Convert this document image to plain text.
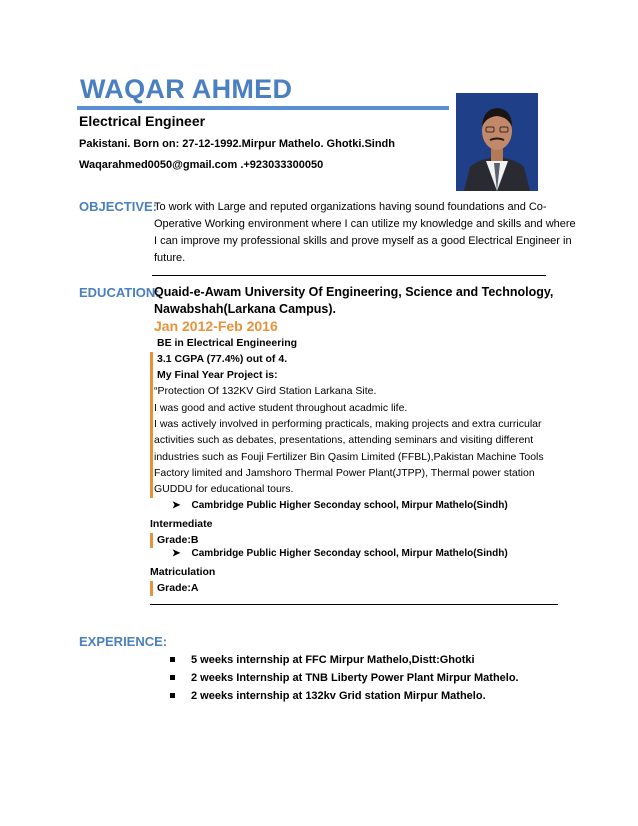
WAQAR AHMED
Electrical Engineer
Pakistani. Born on: 27-12-1992.Mirpur Mathelo. Ghotki.Sindh
Waqarahmed0050@gmail.com .+923033300050
OBJECTIVE:

To work with Large and reputed organizations having sound foundations and Co-

Operative Working environment where I can utilize my knowledge and skills and where

I can improve my professional skills and prove myself as a good Electrical Engineer in

future.

EDUCATION:
Quaid-e-Awam University Of Engineering, Science and Technology,
Nawabshah(Larkana Campus).
Jan 2012-Feb 2016
BE in Electrical Engineering
3.1 CGPA (77.4%) out of 4.
My Final Year Project is:
“Protection Of 132KV Gird Station Larkana Site.
I was good and active student throughout acadmic life.
I was actively involved in performing practicals, making projects and extra curricular
activities such as debates, presentations, attending seminars and visiting different
industries such as Fouji Fertilizer Bin Qasim Limited (FFBL),Pakistan Machine Tools
Factory limited and Jamshoro Thermal Power Plant(JTPP), Thermal power station
GUDDU for educational tours.
➤ Cambridge Public Higher Seconday school, Mirpur Mathelo(Sindh)
Intermediate
Grade:B
➤ Cambridge Public Higher Seconday school, Mirpur Mathelo(Sindh)
Matriculation
Grade:A
EXPERIENCE:
5 weeks internship at FFC Mirpur Mathelo,Distt:Ghotki
2 weeks Internship at TNB Liberty Power Plant Mirpur Mathelo.
2 weeks internship at 132kv Grid station Mirpur Mathelo.
